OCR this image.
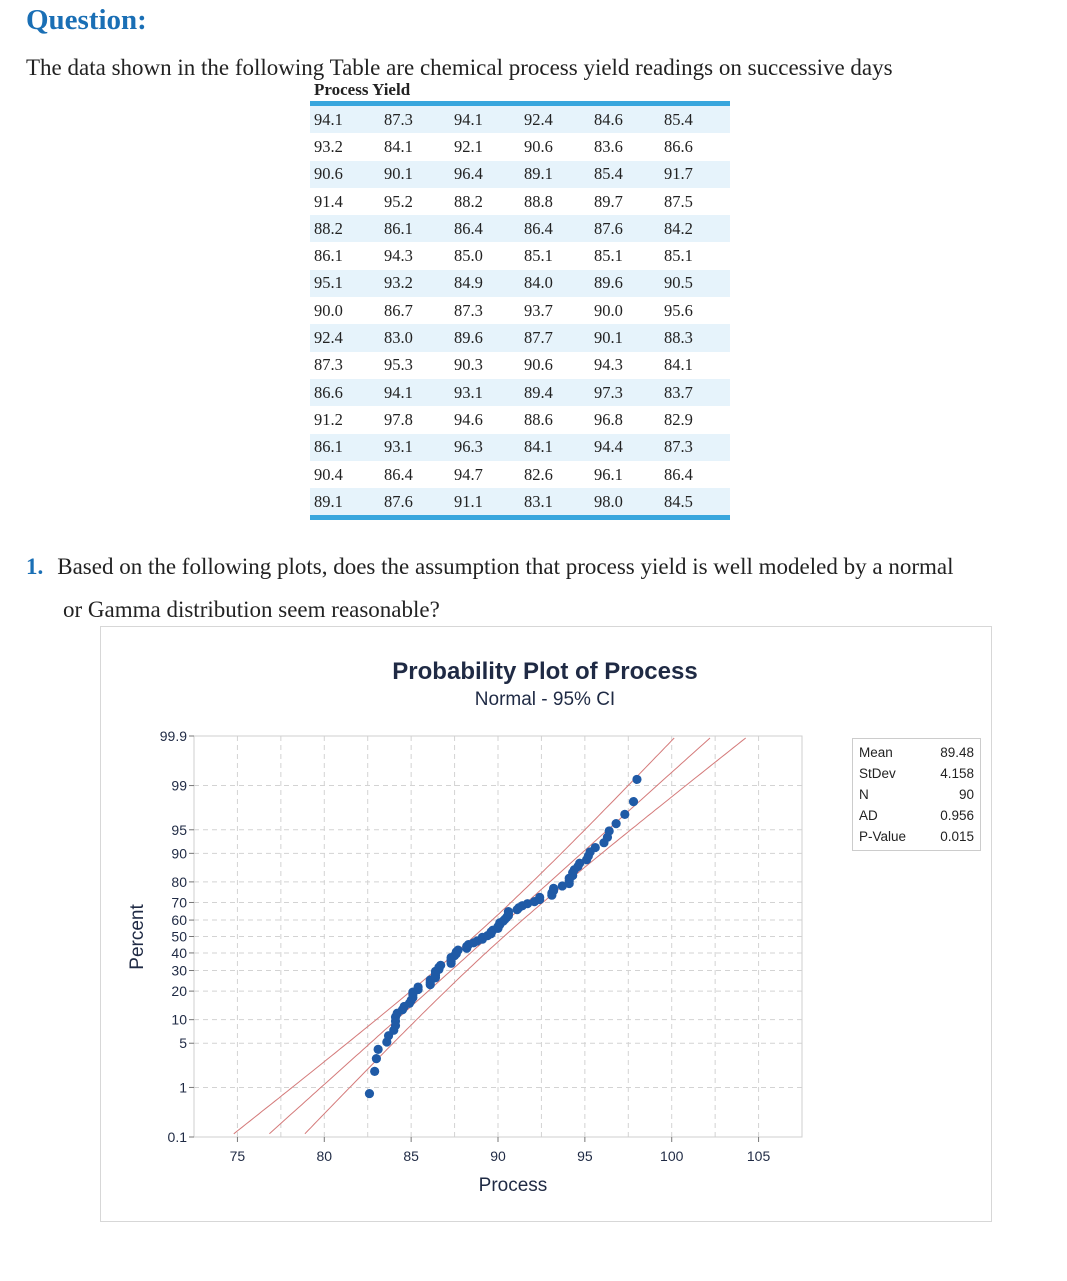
Question:
The data shown in the following Table are chemical process yield readings on successive days
Process Yield
94.1	87.3	94.1	92.4	84.6	85.4
93.2	84.1	92.1	90.6	83.6	86.6
90.6	90.1	96.4	89.1	85.4	91.7
91.4	95.2	88.2	88.8	89.7	87.5
88.2	86.1	86.4	86.4	87.6	84.2
86.1	94.3	85.0	85.1	85.1	85.1
95.1	93.2	84.9	84.0	89.6	90.5
90.0	86.7	87.3	93.7	90.0	95.6
92.4	83.0	89.6	87.7	90.1	88.3
87.3	95.3	90.3	90.6	94.3	84.1
86.6	94.1	93.1	89.4	97.3	83.7
91.2	97.8	94.6	88.6	96.8	82.9
86.1	93.1	96.3	84.1	94.4	87.3
90.4	86.4	94.7	82.6	96.1	86.4
89.1	87.6	91.1	83.1	98.0	84.5
1. Based on the following plots, does the assumption that process yield is well modeled by a normal
or Gamma distribution seem reasonable?
Probability Plot of Process
Normal - 95% CI
75	80	85	90	95	100	105
0.1
1
5
10
20
30
40
50
60
70
80
90
95
99
99.9
Process
Percent
Mean	89.48
StDev	4.158
N	90
AD	0.956
P-Value	0.015
